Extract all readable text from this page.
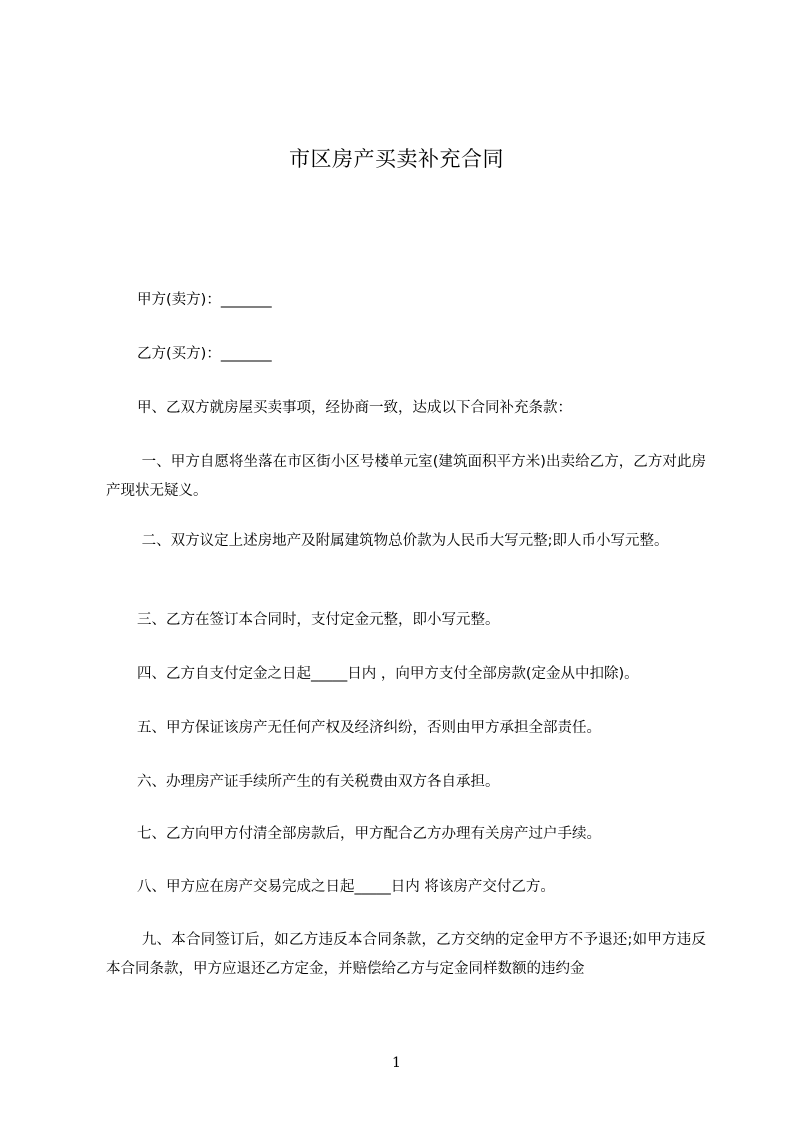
市区房产买卖补充合同
甲方(卖方)：_______
乙方(买方)：_______
甲、乙双方就房屋买卖事项，经协商一致，达成以下合同补充条款：
一、甲方自愿将坐落在市区街小区号楼单元室(建筑面积平方米)出卖给乙方，乙方对此房产现状无疑义。
二、双方议定上述房地产及附属建筑物总价款为人民币大写元整;即人币小写元整。
三、乙方在签订本合同时，支付定金元整，即小写元整。
四、乙方自支付定金之日起_____日内 ，向甲方支付全部房款(定金从中扣除)。
五、甲方保证该房产无任何产权及经济纠纷，否则由甲方承担全部责任。
六、办理房产证手续所产生的有关税费由双方各自承担。
七、乙方向甲方付清全部房款后，甲方配合乙方办理有关房产过户手续。
八、甲方应在房产交易完成之日起_____日内 将该房产交付乙方。
九、本合同签订后，如乙方违反本合同条款，乙方交纳的定金甲方不予退还;如甲方违反本合同条款，甲方应退还乙方定金，并赔偿给乙方与定金同样数额的违约金
1
